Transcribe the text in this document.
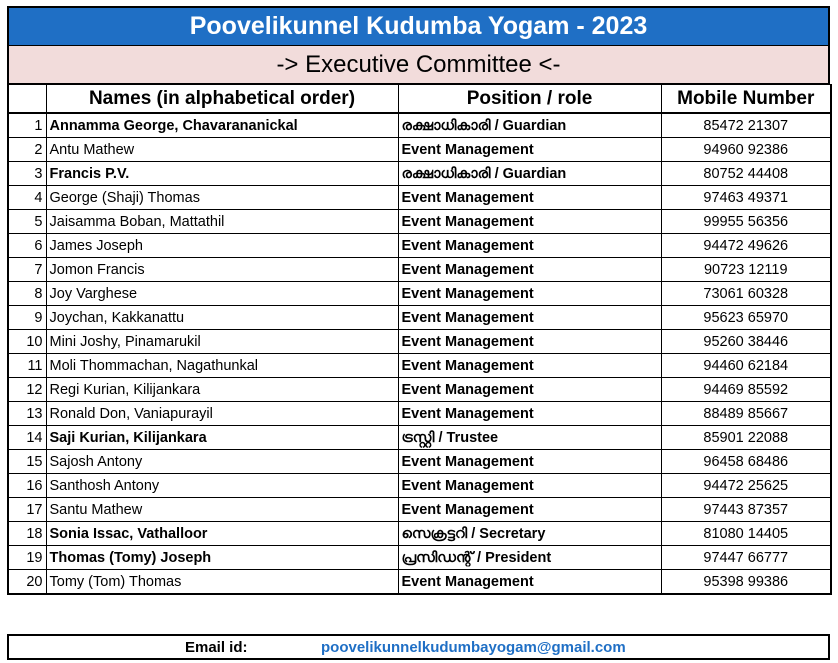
Poovelikunnel Kudumba Yogam - 2023
-> Executive Committee <-
	Names (in alphabetical order)	Position / role	Mobile Number
1	Annamma George, Chavarananickal	രക്ഷാധികാരി / Guardian	85472 21307
2	Antu Mathew	Event Management	94960 92386
3	Francis P.V.	രക്ഷാധികാരി / Guardian	80752 44408
4	George (Shaji) Thomas	Event Management	97463 49371
5	Jaisamma Boban, Mattathil	Event Management	99955 56356
6	James Joseph	Event Management	94472 49626
7	Jomon Francis	Event Management	90723 12119
8	Joy Varghese	Event Management	73061 60328
9	Joychan, Kakkanattu	Event Management	95623 65970
10	Mini Joshy, Pinamarukil	Event Management	95260 38446
11	Moli Thommachan, Nagathunkal	Event Management	94460 62184
12	Regi Kurian, Kilijankara	Event Management	94469 85592
13	Ronald Don, Vaniapurayil	Event Management	88489 85667
14	Saji Kurian, Kilijankara	ട്രസ്റ്റി / Trustee	85901 22088
15	Sajosh Antony	Event Management	96458 68486
16	Santhosh Antony	Event Management	94472 25625
17	Santu Mathew	Event Management	97443 87357
18	Sonia Issac, Vathalloor	സെക്രട്ടറി / Secretary	81080 14405
19	Thomas (Tomy) Joseph	പ്രസിഡന്റ് / President	97447 66777
20	Tomy (Tom) Thomas	Event Management	95398 99386
Email id:	poovelikunnelkudumbayogam@gmail.com
